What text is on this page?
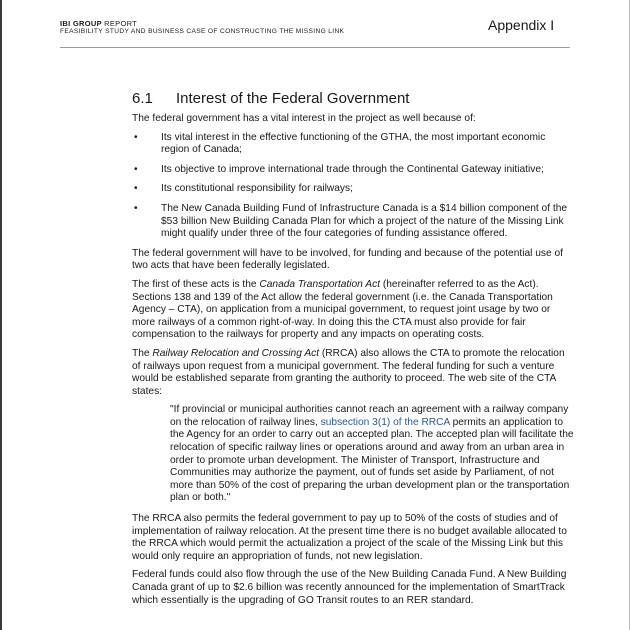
IBI GROUP REPORT
FEASIBILITY STUDY AND BUSINESS CASE OF CONSTRUCTING THE MISSING LINK	Appendix I
6.1 Interest of the Federal Government

The federal government has a vital interest in the project as well because of:

• Its vital interest in the effective functioning of the GTHA, the most important economic region of Canada;
• Its objective to improve international trade through the Continental Gateway initiative;
• Its constitutional responsibility for railways;
• The New Canada Building Fund of Infrastructure Canada is a $14 billion component of the $53 billion New Building Canada Plan for which a project of the nature of the Missing Link might qualify under three of the four categories of funding assistance offered.

The federal government will have to be involved, for funding and because of the potential use of two acts that have been federally legislated.

The first of these acts is the Canada Transportation Act (hereinafter referred to as the Act). Sections 138 and 139 of the Act allow the federal government (i.e. the Canada Transportation Agency – CTA), on application from a municipal government, to request joint usage by two or more railways of a common right-of-way. In doing this the CTA must also provide for fair compensation to the railways for property and any impacts on operating costs.

The Railway Relocation and Crossing Act (RRCA) also allows the CTA to promote the relocation of railways upon request from a municipal government. The federal funding for such a venture would be established separate from granting the authority to proceed. The web site of the CTA states:

"If provincial or municipal authorities cannot reach an agreement with a railway company on the relocation of railway lines, subsection 3(1) of the RRCA permits an application to the Agency for an order to carry out an accepted plan. The accepted plan will facilitate the relocation of specific railway lines or operations around and away from an urban area in order to promote urban development. The Minister of Transport, Infrastructure and Communities may authorize the payment, out of funds set aside by Parliament, of not more than 50% of the cost of preparing the urban development plan or the transportation plan or both."

The RRCA also permits the federal government to pay up to 50% of the costs of studies and of implementation of railway relocation. At the present time there is no budget available allocated to the RRCA which would permit the actualization a project of the scale of the Missing Link but this would only require an appropriation of funds, not new legislation.

Federal funds could also flow through the use of the New Building Canada Fund. A New Building Canada grant of up to $2.6 billion was recently announced for the implementation of SmartTrack which essentially is the upgrading of GO Transit routes to an RER standard.
